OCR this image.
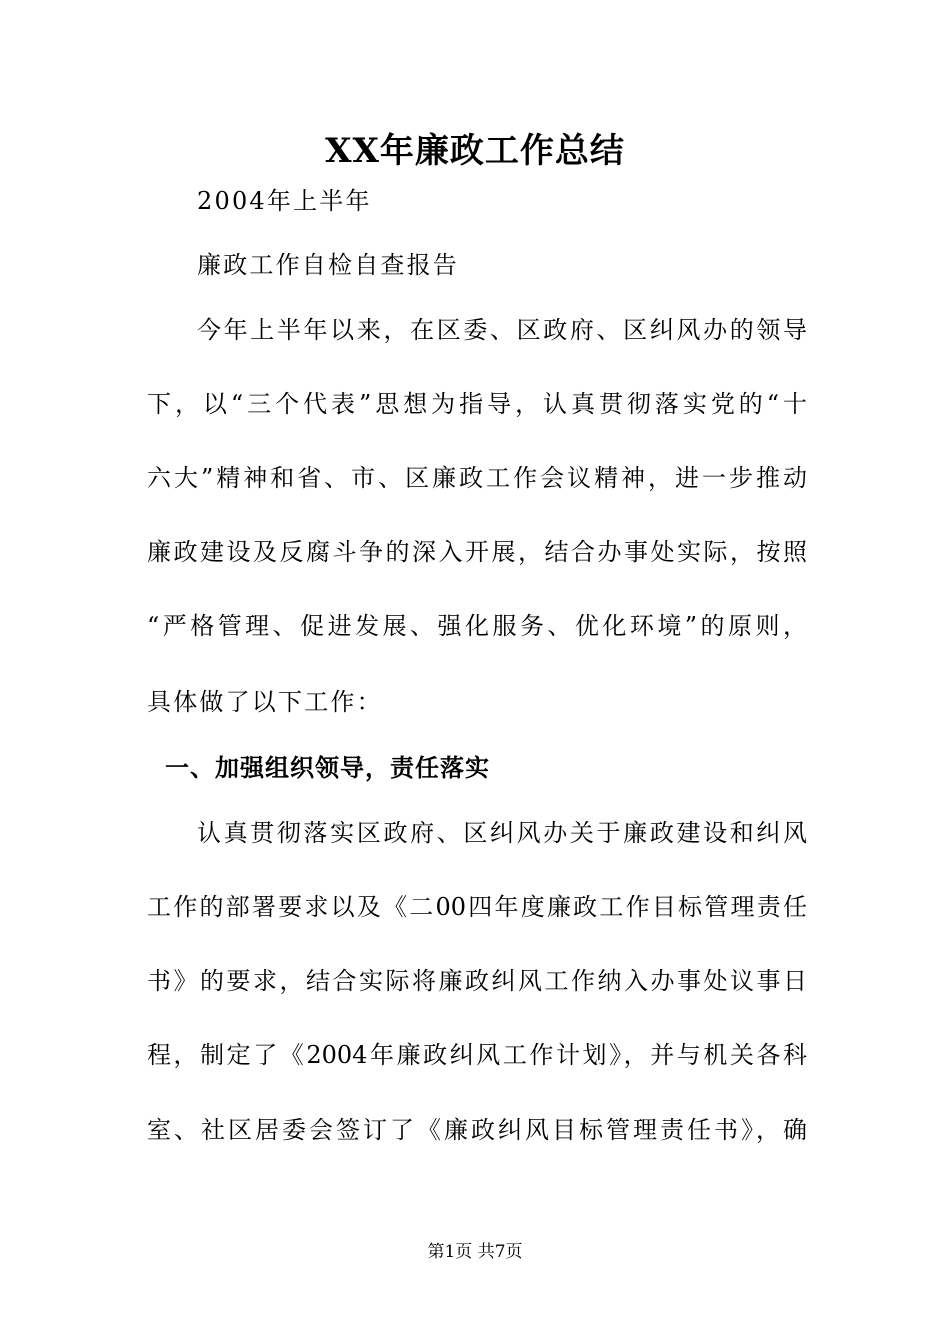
XX年廉政工作总结
2004年上半年
廉政工作自检自查报告
今年上半年以来，在区委、区政府、区纠风办的领导
下，以“三个代表”思想为指导，认真贯彻落实党的“十
六大”精神和省、市、区廉政工作会议精神，进一步推动
廉政建设及反腐斗争的深入开展，结合办事处实际，按照
“严格管理、促进发展、强化服务、优化环境”的原则，
具体做了以下工作：
一、加强组织领导，责任落实
认真贯彻落实区政府、区纠风办关于廉政建设和纠风
工作的部署要求以及《二00四年度廉政工作目标管理责任
书》的要求，结合实际将廉政纠风工作纳入办事处议事日
程，制定了《2004年廉政纠风工作计划》，并与机关各科
室、社区居委会签订了《廉政纠风目标管理责任书》，确
第1页 共7页
